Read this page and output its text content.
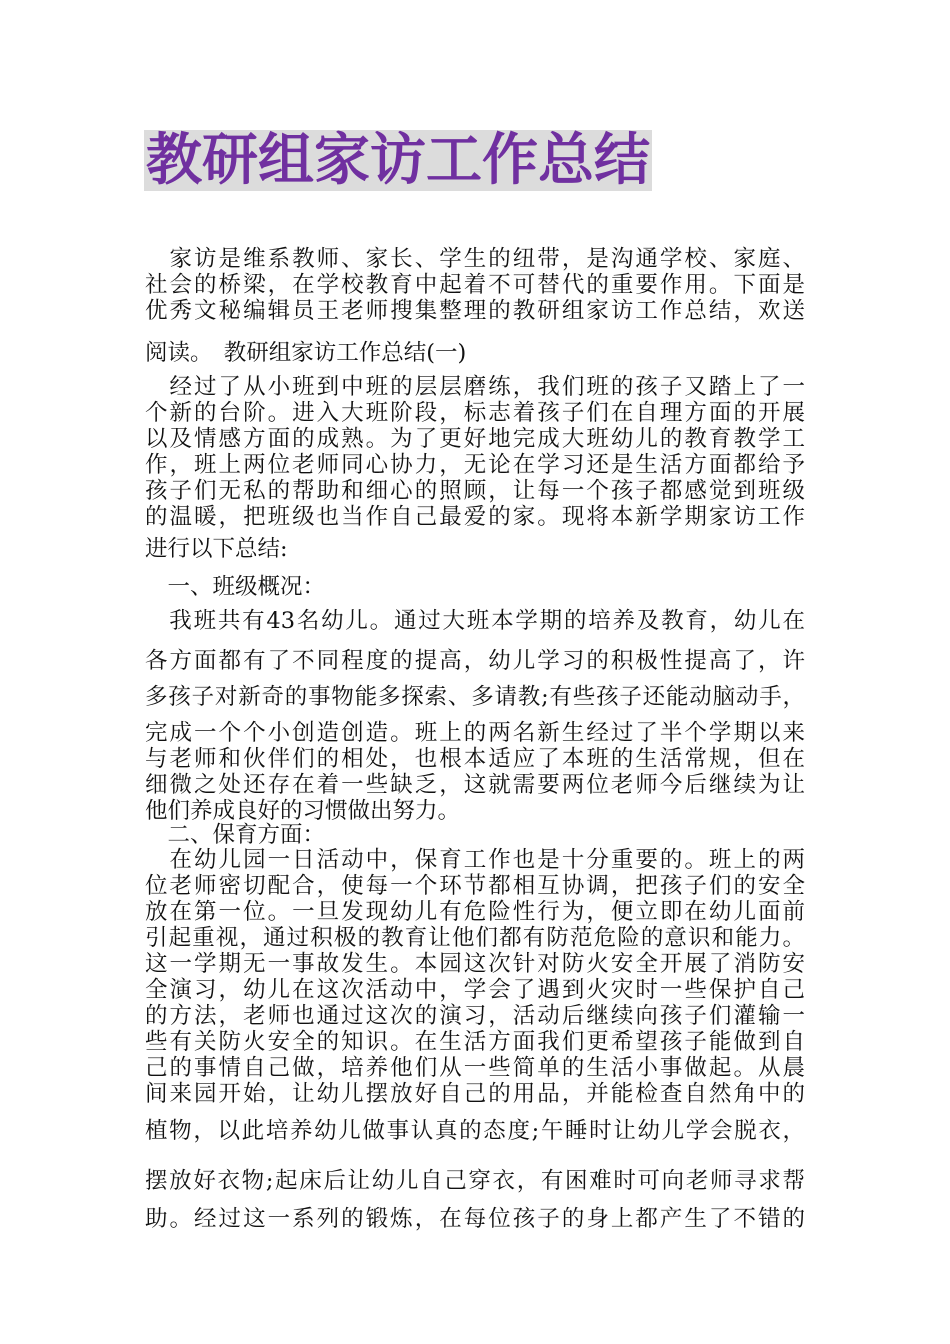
教研组家访工作总结
　家访是维系教师、家长、学生的纽带，是沟通学校、家庭、
社会的桥梁，在学校教育中起着不可替代的重要作用。下面是
优秀文秘编辑员王老师搜集整理的教研组家访工作总结，欢送
阅读。　教研组家访工作总结(一)
　经过了从小班到中班的层层磨练，我们班的孩子又踏上了一
个新的台阶。进入大班阶段，标志着孩子们在自理方面的开展
以及情感方面的成熟。为了更好地完成大班幼儿的教育教学工
作，班上两位老师同心协力，无论在学习还是生活方面都给予
孩子们无私的帮助和细心的照顾，让每一个孩子都感觉到班级
的温暖，把班级也当作自己最爱的家。现将本新学期家访工作
进行以下总结:
　一、班级概况：
　我班共有43名幼儿。通过大班本学期的培养及教育，幼儿在
各方面都有了不同程度的提高，幼儿学习的积极性提高了，许
多孩子对新奇的事物能多探索、多请教;有些孩子还能动脑动手，
完成一个个小创造创造。班上的两名新生经过了半个学期以来
与老师和伙伴们的相处，也根本适应了本班的生活常规，但在
细微之处还存在着一些缺乏，这就需要两位老师今后继续为让
他们养成良好的习惯做出努力。
　二、保育方面：
　在幼儿园一日活动中，保育工作也是十分重要的。班上的两
位老师密切配合，使每一个环节都相互协调，把孩子们的安全
放在第一位。一旦发现幼儿有危险性行为，便立即在幼儿面前
引起重视，通过积极的教育让他们都有防范危险的意识和能力。
这一学期无一事故发生。本园这次针对防火安全开展了消防安
全演习，幼儿在这次活动中，学会了遇到火灾时一些保护自己
的方法，老师也通过这次的演习，活动后继续向孩子们灌输一
些有关防火安全的知识。在生活方面我们更希望孩子能做到自
己的事情自己做，培养他们从一些简单的生活小事做起。从晨
间来园开始，让幼儿摆放好自己的用品，并能检查自然角中的
植物，以此培养幼儿做事认真的态度;午睡时让幼儿学会脱衣，
摆放好衣物;起床后让幼儿自己穿衣，有困难时可向老师寻求帮
助。经过这一系列的锻炼，在每位孩子的身上都产生了不错的
